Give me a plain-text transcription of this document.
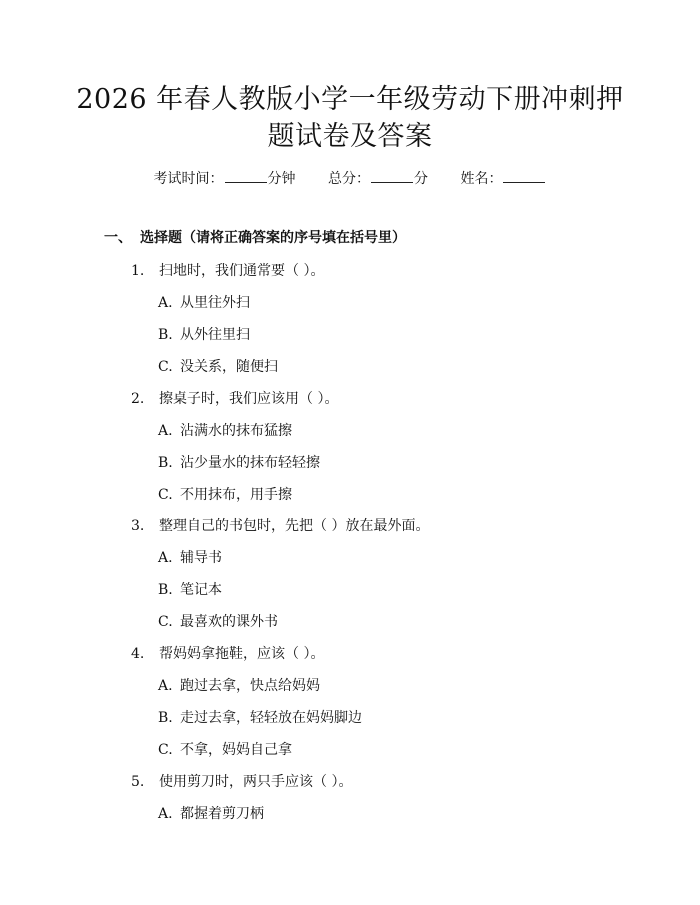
2026 年春人教版小学一年级劳动下册冲刺押
题试卷及答案
考试时间：	分钟 总分：	分 姓名：
一、 选择题（请将正确答案的序号填在括号里）
1. 扫地时，我们通常要（ ）。
A. 从里往外扫
B. 从外往里扫
C. 没关系，随便扫
2. 擦桌子时，我们应该用（ ）。
A. 沾满水的抹布猛擦
B. 沾少量水的抹布轻轻擦
C. 不用抹布，用手擦
3. 整理自己的书包时，先把（ ）放在最外面。
A. 辅导书
B. 笔记本
C. 最喜欢的课外书
4. 帮妈妈拿拖鞋，应该（ ）。
A. 跑过去拿，快点给妈妈
B. 走过去拿，轻轻放在妈妈脚边
C. 不拿，妈妈自己拿
5. 使用剪刀时，两只手应该（ ）。
A. 都握着剪刀柄
